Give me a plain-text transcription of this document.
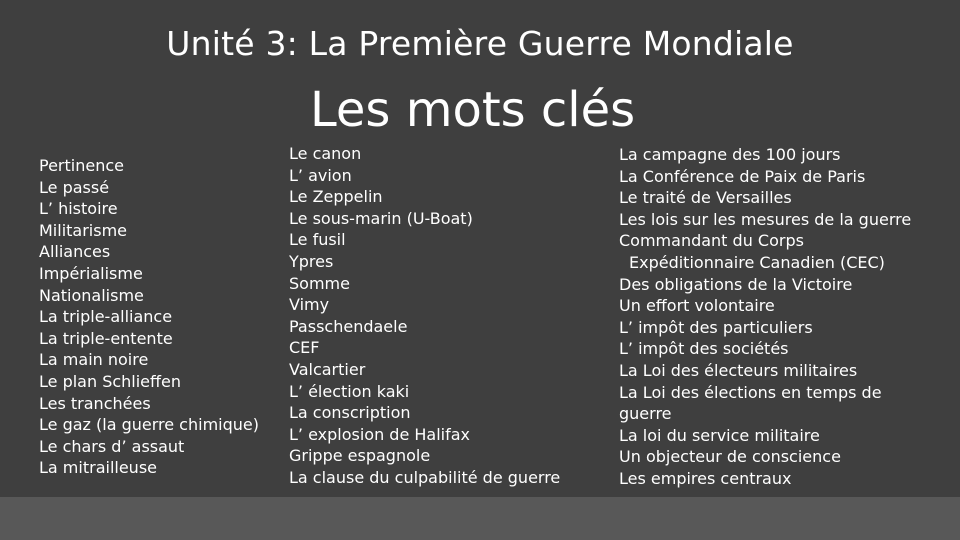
Unité 3: La Première Guerre Mondiale
Les mots clés
Pertinence
Le passé
L’ histoire
Militarisme
Alliances
Impérialisme
Nationalisme
La triple-alliance
La triple-entente
La main noire
Le plan Schlieffen
Les tranchées
Le gaz (la guerre chimique)
Le chars d’ assaut
La mitrailleuse
Le canon
L’ avion
Le Zeppelin
Le sous-marin (U-Boat)
Le fusil
Ypres
Somme
Vimy
Passchendaele
CEF
Valcartier
L’ élection kaki
La conscription
L’ explosion de Halifax
Grippe espagnole
La clause du culpabilité de guerre
La campagne des 100 jours
La Conférence de Paix de Paris
Le traité de Versailles
Les lois sur les mesures de la guerre
Commandant du Corps
Expéditionnaire Canadien (CEC)
Des obligations de la Victoire
Un effort volontaire
L’ impôt des particuliers
L’ impôt des sociétés
La Loi des électeurs militaires
La Loi des élections en temps de
guerre
La loi du service militaire
Un objecteur de conscience
Les empires centraux
